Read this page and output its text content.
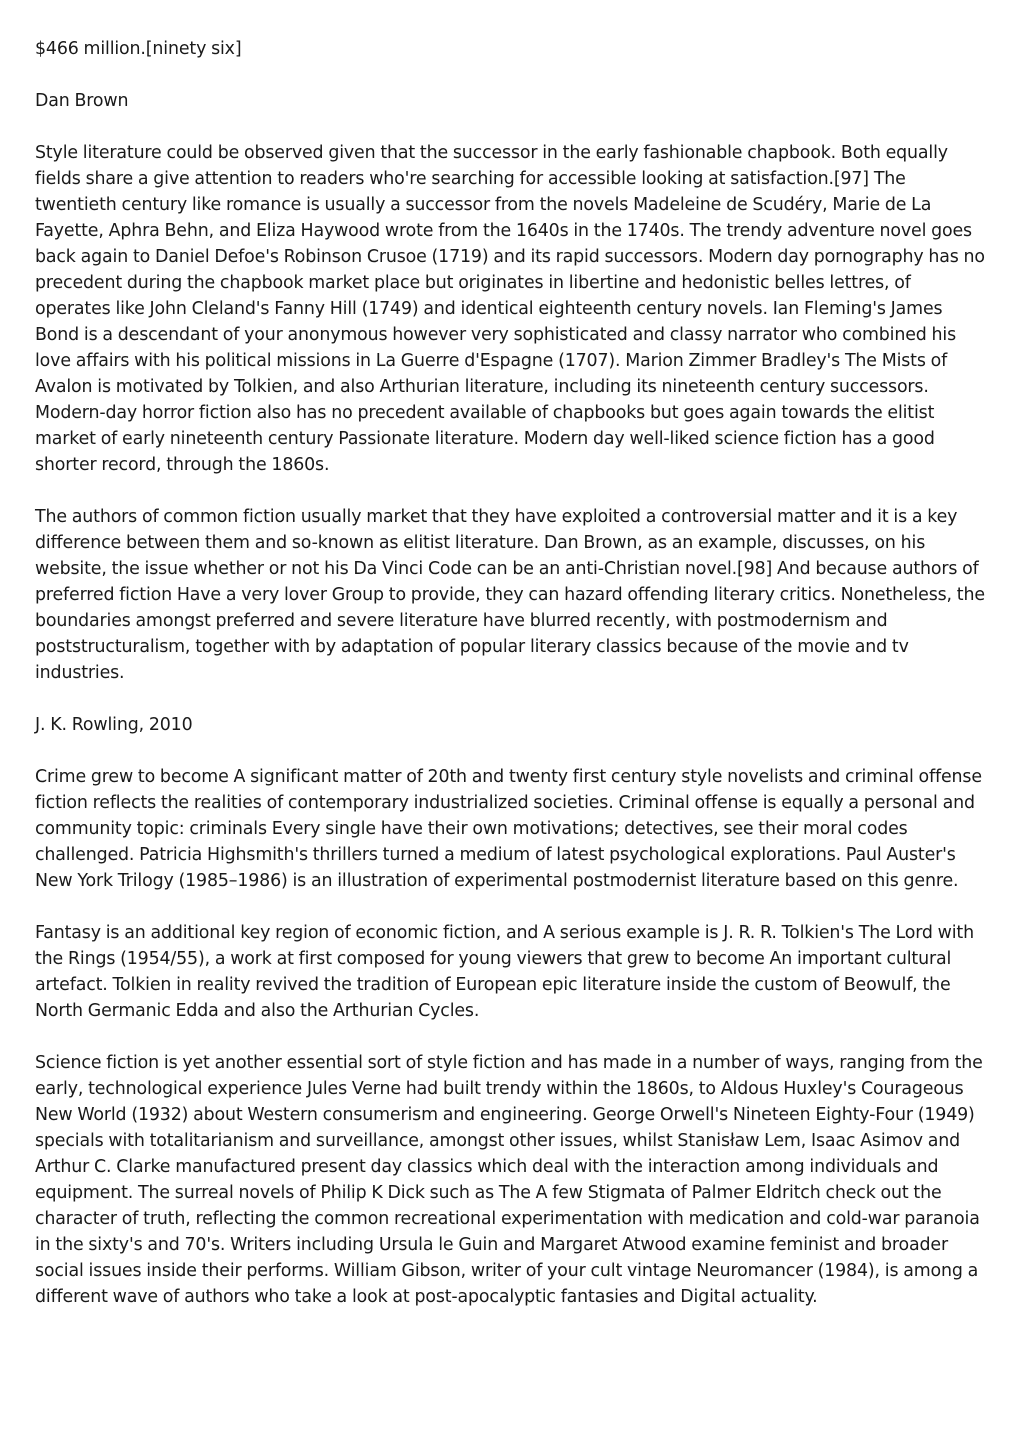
$466 million.[ninety six]

Dan Brown

Style literature could be observed given that the successor in the early fashionable chapbook. Both equally fields share a give attention to readers who're searching for accessible looking at satisfaction.[97] The twentieth century like romance is usually a successor from the novels Madeleine de Scudéry, Marie de La Fayette, Aphra Behn, and Eliza Haywood wrote from the 1640s in the 1740s. The trendy adventure novel goes back again to Daniel Defoe's Robinson Crusoe (1719) and its rapid successors. Modern day pornography has no precedent during the chapbook market place but originates in libertine and hedonistic belles lettres, of operates like John Cleland's Fanny Hill (1749) and identical eighteenth century novels. Ian Fleming's James Bond is a descendant of your anonymous however very sophisticated and classy narrator who combined his love affairs with his political missions in La Guerre d'Espagne (1707). Marion Zimmer Bradley's The Mists of Avalon is motivated by Tolkien, and also Arthurian literature, including its nineteenth century successors. Modern-day horror fiction also has no precedent available of chapbooks but goes again towards the elitist market of early nineteenth century Passionate literature. Modern day well-liked science fiction has a good shorter record, through the 1860s.

The authors of common fiction usually market that they have exploited a controversial matter and it is a key difference between them and so-known as elitist literature. Dan Brown, as an example, discusses, on his website, the issue whether or not his Da Vinci Code can be an anti-Christian novel.[98] And because authors of preferred fiction Have a very lover Group to provide, they can hazard offending literary critics. Nonetheless, the boundaries amongst preferred and severe literature have blurred recently, with postmodernism and poststructuralism, together with by adaptation of popular literary classics because of the movie and tv industries.

J. K. Rowling, 2010

Crime grew to become A significant matter of 20th and twenty first century style novelists and criminal offense fiction reflects the realities of contemporary industrialized societies. Criminal offense is equally a personal and community topic: criminals Every single have their own motivations; detectives, see their moral codes challenged. Patricia Highsmith's thrillers turned a medium of latest psychological explorations. Paul Auster's New York Trilogy (1985–1986) is an illustration of experimental postmodernist literature based on this genre.

Fantasy is an additional key region of economic fiction, and A serious example is J. R. R. Tolkien's The Lord with the Rings (1954/55), a work at first composed for young viewers that grew to become An important cultural artefact. Tolkien in reality revived the tradition of European epic literature inside the custom of Beowulf, the North Germanic Edda and also the Arthurian Cycles.

Science fiction is yet another essential sort of style fiction and has made in a number of ways, ranging from the early, technological experience Jules Verne had built trendy within the 1860s, to Aldous Huxley's Courageous New World (1932) about Western consumerism and engineering. George Orwell's Nineteen Eighty-Four (1949) specials with totalitarianism and surveillance, amongst other issues, whilst Stanisław Lem, Isaac Asimov and Arthur C. Clarke manufactured present day classics which deal with the interaction among individuals and equipment. The surreal novels of Philip K Dick such as The A few Stigmata of Palmer Eldritch check out the character of truth, reflecting the common recreational experimentation with medication and cold-war paranoia in the sixty's and 70's. Writers including Ursula le Guin and Margaret Atwood examine feminist and broader social issues inside their performs. William Gibson, writer of your cult vintage Neuromancer (1984), is among a different wave of authors who take a look at post-apocalyptic fantasies and Digital actuality.
